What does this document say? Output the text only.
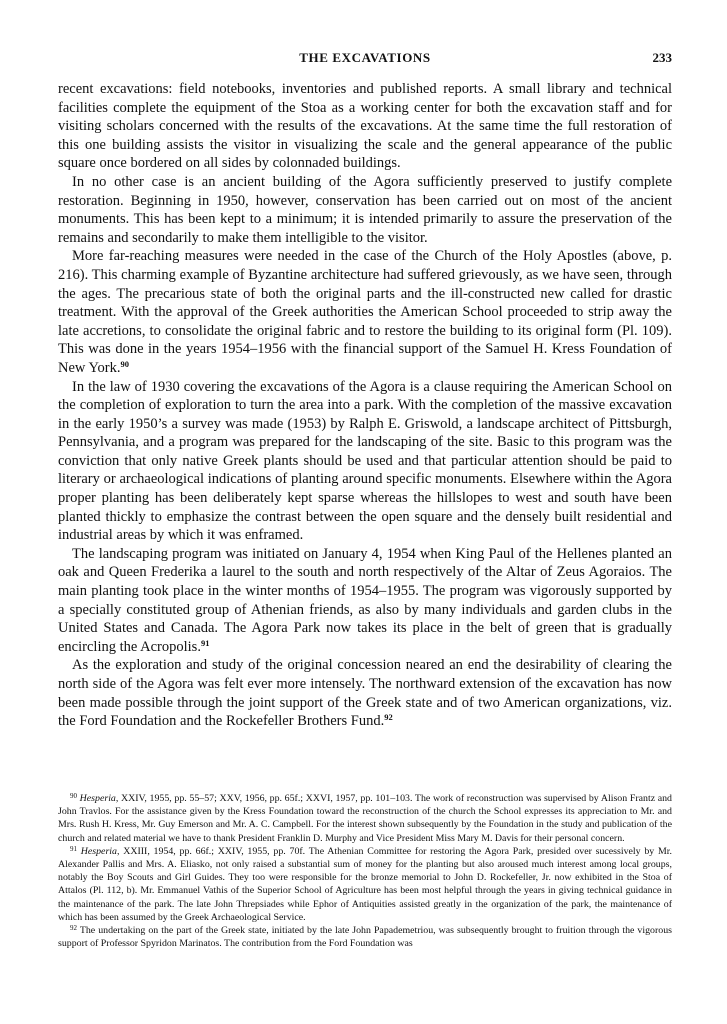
THE EXCAVATIONS	233

recent excavations: field notebooks, inventories and published reports. A small library and technical facilities complete the equipment of the Stoa as a working center for both the excavation staff and for visiting scholars concerned with the results of the excavations. At the same time the full restoration of this one building assists the visitor in visualizing the scale and the general appearance of the public square once bordered on all sides by colonnaded buildings.

In no other case is an ancient building of the Agora sufficiently preserved to justify complete restoration. Beginning in 1950, however, conservation has been carried out on most of the ancient monuments. This has been kept to a minimum; it is intended primarily to assure the preservation of the remains and secondarily to make them intelligible to the visitor.

More far-reaching measures were needed in the case of the Church of the Holy Apostles (above, p. 216). This charming example of Byzantine architecture had suffered grievously, as we have seen, through the ages. The precarious state of both the original parts and the ill-constructed new called for drastic treatment. With the approval of the Greek authorities the American School proceeded to strip away the late accretions, to consolidate the original fabric and to restore the building to its original form (Pl. 109). This was done in the years 1954–1956 with the financial support of the Samuel H. Kress Foundation of New York.$^{90}$

In the law of 1930 covering the excavations of the Agora is a clause requiring the American School on the completion of exploration to turn the area into a park. With the completion of the massive excavation in the early 1950’s a survey was made (1953) by Ralph E. Griswold, a landscape architect of Pittsburgh, Pennsylvania, and a program was prepared for the landscaping of the site. Basic to this program was the conviction that only native Greek plants should be used and that particular attention should be paid to literary or archaeological indications of planting around specific monuments. Elsewhere within the Agora proper planting has been deliberately kept sparse whereas the hillslopes to west and south have been planted thickly to emphasize the contrast between the open square and the densely built residential and industrial areas by which it was enframed.

The landscaping program was initiated on January 4, 1954 when King Paul of the Hellenes planted an oak and Queen Frederika a laurel to the south and north respectively of the Altar of Zeus Agoraios. The main planting took place in the winter months of 1954–1955. The program was vigorously supported by a specially constituted group of Athenian friends, as also by many individuals and garden clubs in the United States and Canada. The Agora Park now takes its place in the belt of green that is gradually encircling the Acropolis.$^{91}$

As the exploration and study of the original concession neared an end the desirability of clearing the north side of the Agora was felt ever more intensely. The northward extension of the excavation has now been made possible through the joint support of the Greek state and of two American organizations, viz. the Ford Foundation and the Rockefeller Brothers Fund.$^{92}$

$^{90}$ Hesperia, XXIV, 1955, pp. 55–57; XXV, 1956, pp. 65f.; XXVI, 1957, pp. 101–103. The work of reconstruction was supervised by Alison Frantz and John Travlos. For the assistance given by the Kress Foundation toward the reconstruction of the church the School expresses its appreciation to Mr. and Mrs. Rush H. Kress, Mr. Guy Emerson and Mr. A. C. Campbell. For the interest shown subsequently by the Foundation in the study and publication of the church and related material we have to thank President Franklin D. Murphy and Vice President Miss Mary M. Davis for their personal concern.

$^{91}$ Hesperia, XXIII, 1954, pp. 66f.; XXIV, 1955, pp. 70f. The Athenian Committee for restoring the Agora Park, presided over sucessively by Mr. Alexander Pallis and Mrs. A. Eliasko, not only raised a substantial sum of money for the planting but also aroused much interest among local groups, notably the Boy Scouts and Girl Guides. They too were responsible for the bronze memorial to John D. Rockefeller, Jr. now exhibited in the Stoa of Attalos (Pl. 112, b). Mr. Emmanuel Vathis of the Superior School of Agriculture has been most helpful through the years in giving technical guidance in the maintenance of the park. The late John Threpsiades while Ephor of Antiquities assisted greatly in the organization of the park, the maintenance of which has been assumed by the Greek Archaeological Service.

$^{92}$ The undertaking on the part of the Greek state, initiated by the late John Papademetriou, was subsequently brought to fruition through the vigorous support of Professor Spyridon Marinatos. The contribution from the Ford Foundation was
